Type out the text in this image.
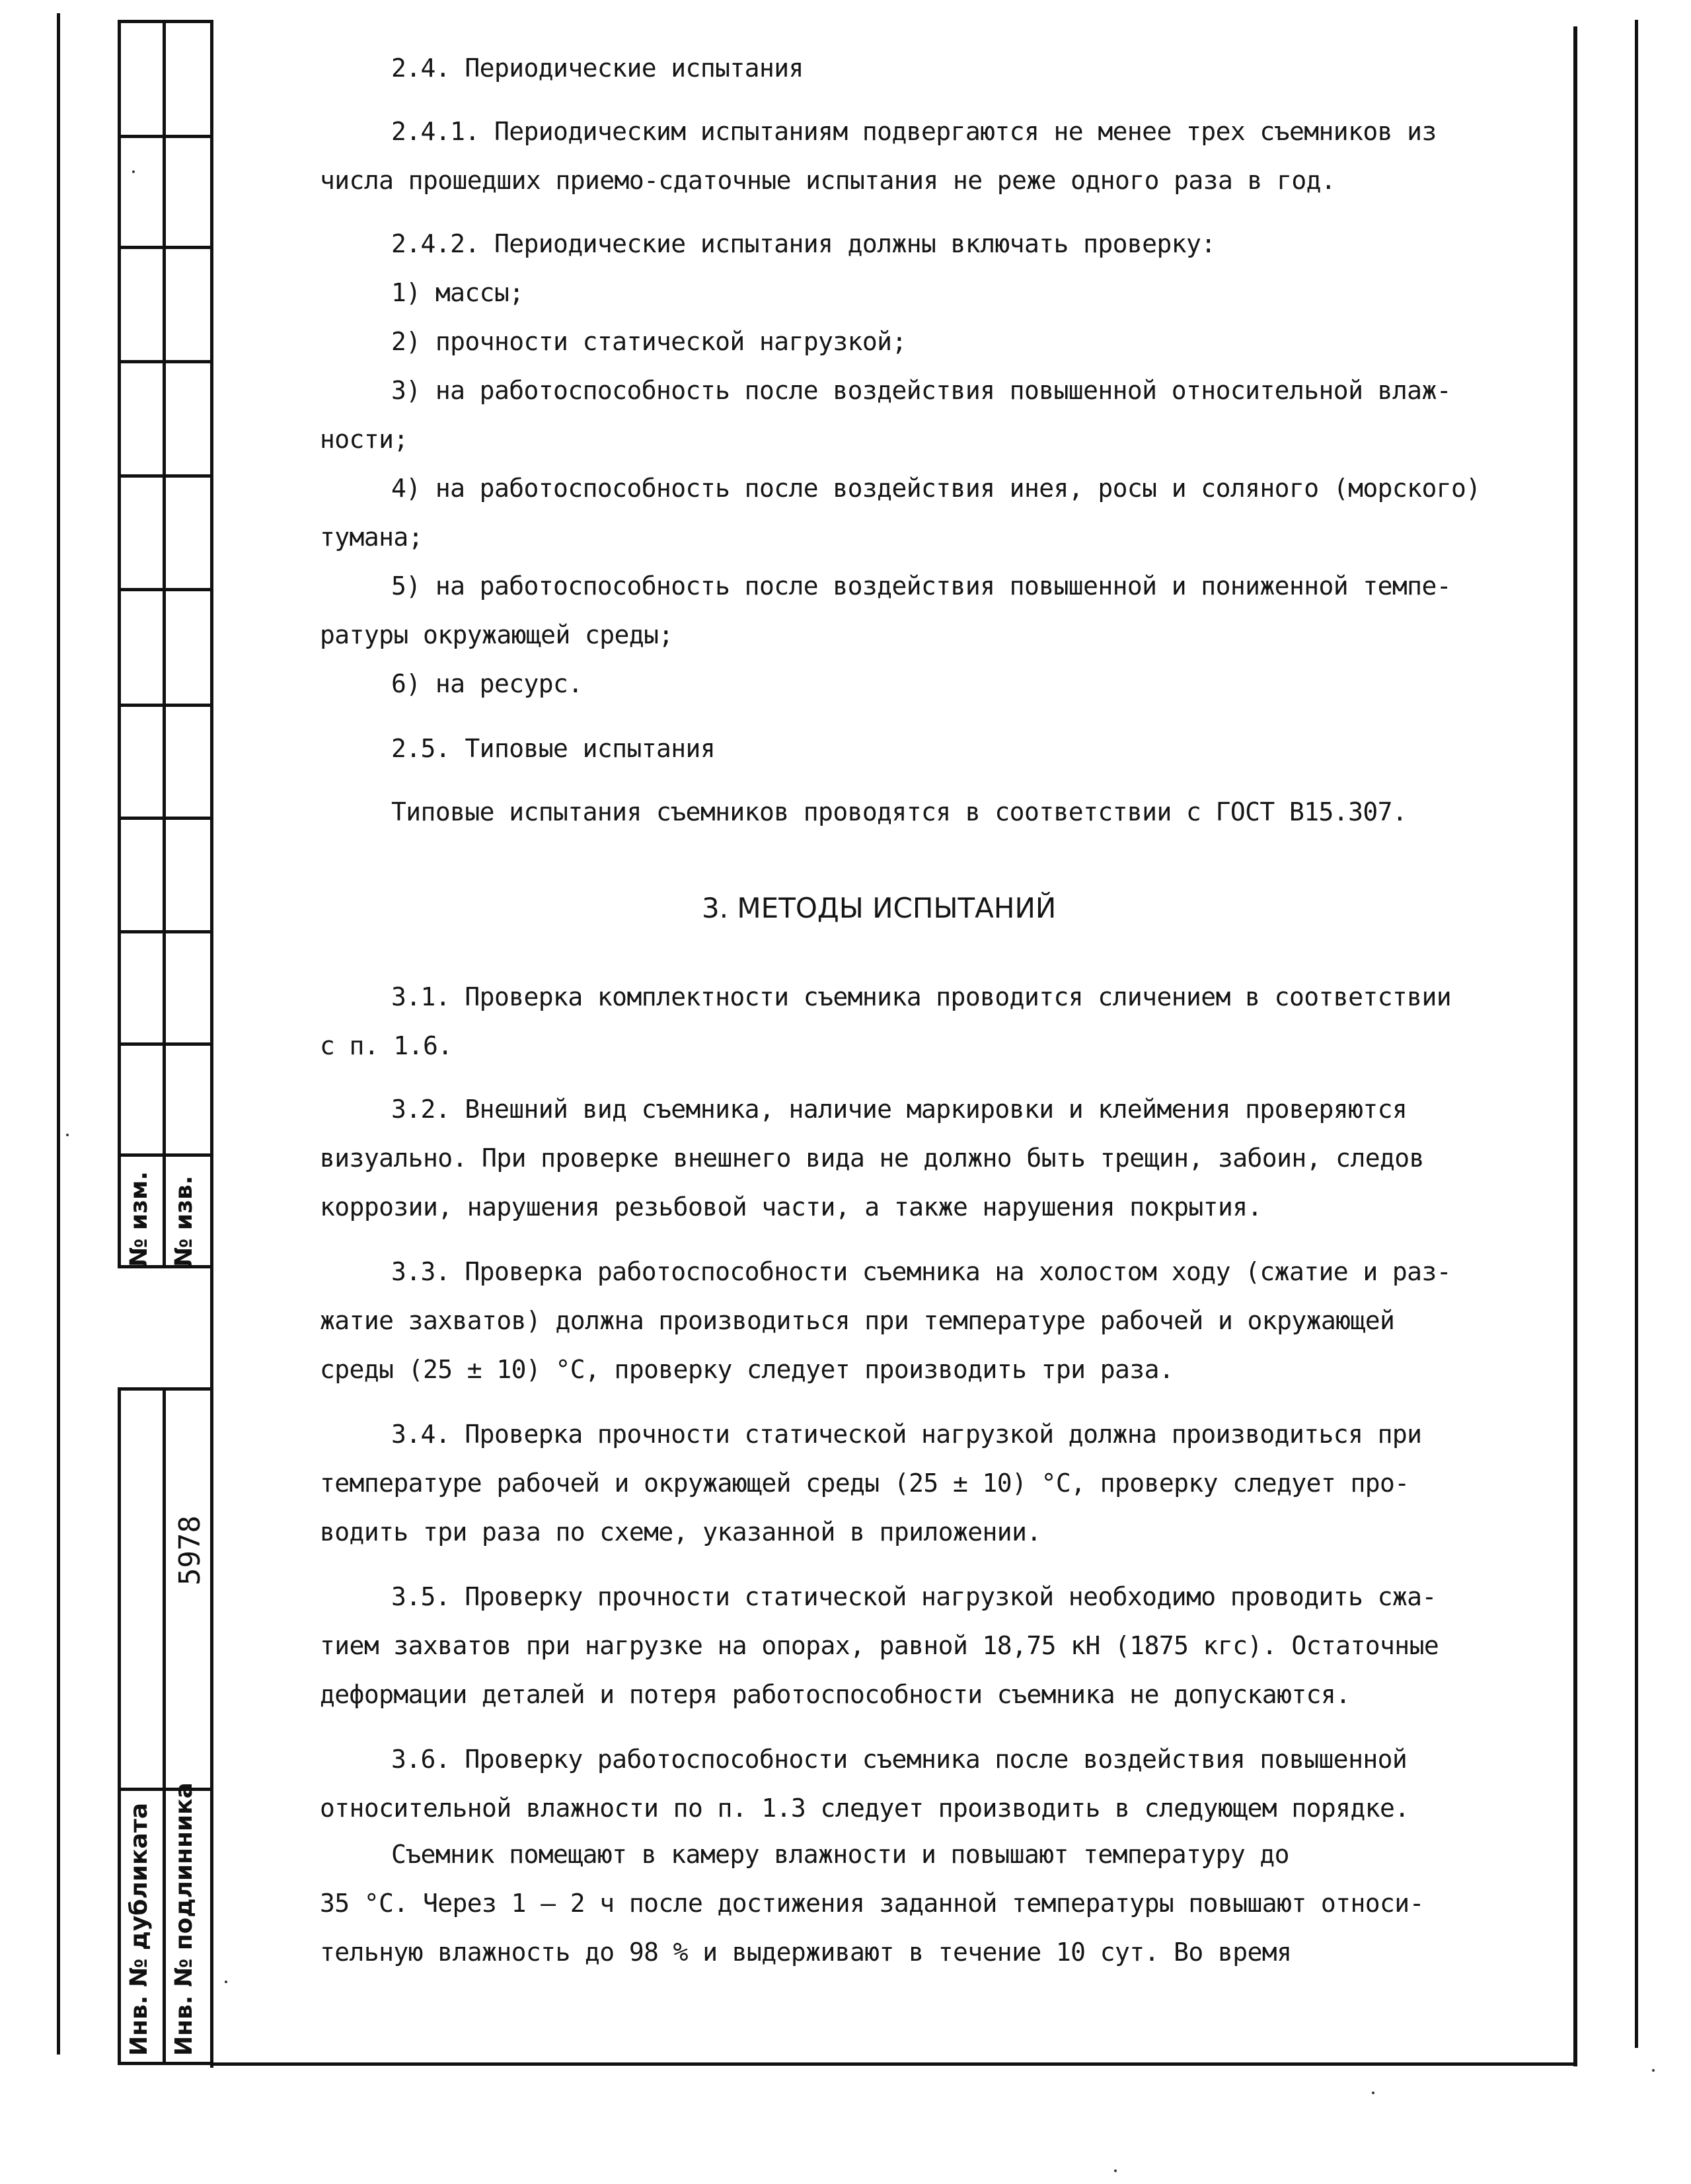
№ изм. № изв.
5978
Инв. № дубликата Инв. № подлинника
2.4. Периодические испытания
2.4.1. Периодическим испытаниям подвергаются не менее трех съемников из
числа прошедших приемо-сдаточные испытания не реже одного раза в год.
2.4.2. Периодические испытания должны включать проверку:
1) массы;
2) прочности статической нагрузкой;
3) на работоспособность после воздействия повышенной относительной влаж-
ности;
4) на работоспособность после воздействия инея, росы и соляного (морского)
тумана;
5) на работоспособность после воздействия повышенной и пониженной темпе-
ратуры окружающей среды;
6) на ресурс.
2.5. Типовые испытания
Типовые испытания съемников проводятся в соответствии с ГОСТ В15.307.
3. МЕТОДЫ ИСПЫТАНИЙ
3.1. Проверка комплектности съемника проводится сличением в соответствии
с п. 1.6.
3.2. Внешний вид съемника, наличие маркировки и клеймения проверяются
визуально. При проверке внешнего вида не должно быть трещин, забоин, следов
коррозии, нарушения резьбовой части, а также нарушения покрытия.
3.3. Проверка работоспособности съемника на холостом ходу (сжатие и раз-
жатие захватов) должна производиться при температуре рабочей и окружающей
среды (25 ± 10) °С, проверку следует производить три раза.
3.4. Проверка прочности статической нагрузкой должна производиться при
температуре рабочей и окружающей среды (25 ± 10) °С, проверку следует про-
водить три раза по схеме, указанной в приложении.
3.5. Проверку прочности статической нагрузкой необходимо проводить сжа-
тием захватов при нагрузке на опорах, равной 18,75 кН (1875 кгс). Остаточные
деформации деталей и потеря работоспособности съемника не допускаются.
3.6. Проверку работоспособности съемника после воздействия повышенной
относительной влажности по п. 1.3 следует производить в следующем порядке.
Съемник помещают в камеру влажности и повышают температуру до
35 °С. Через 1 – 2 ч после достижения заданной температуры повышают относи-
тельную влажность до 98 % и выдерживают в течение 10 сут. Во время
